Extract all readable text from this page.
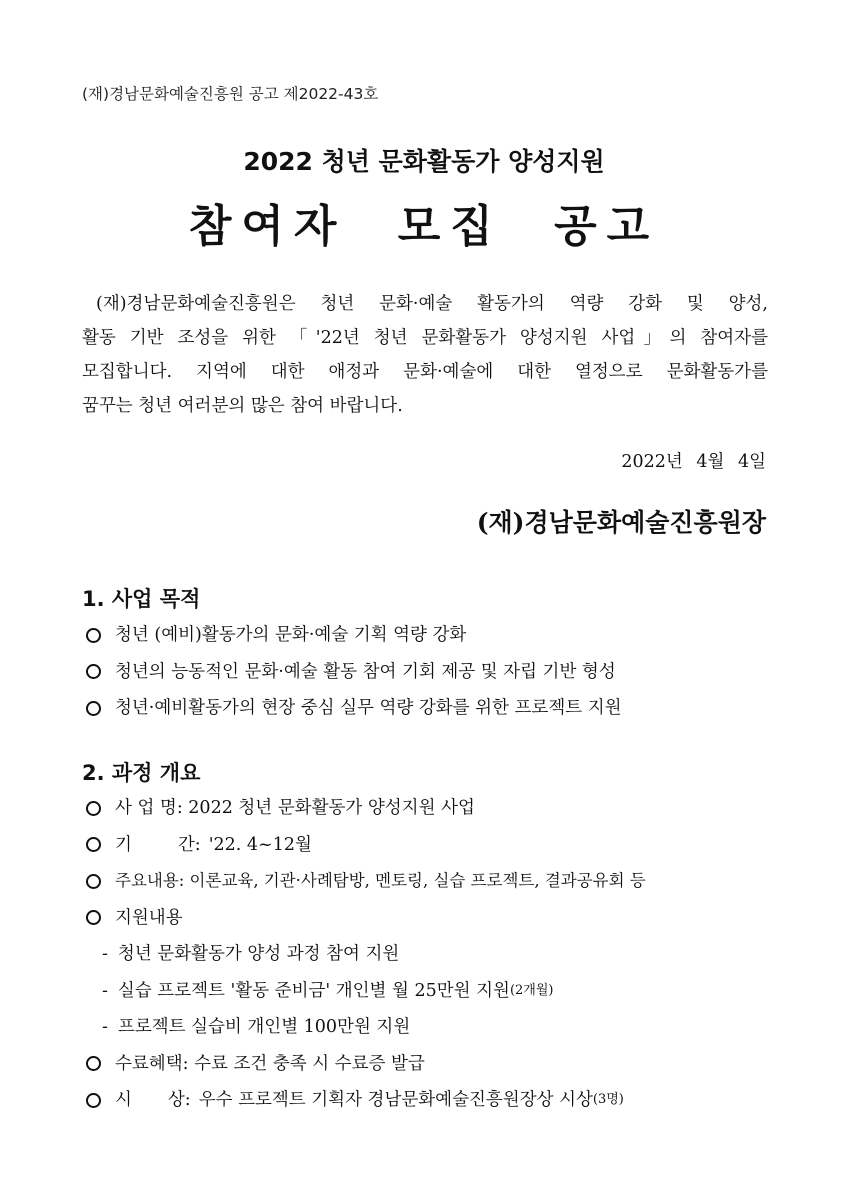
(재)경남문화예술진흥원 공고 제2022-43호
2022 청년 문화활동가 양성지원
참여자 모집 공고
(재)경남문화예술진흥원은 청년 문화·예술 활동가의 역량 강화 및 양성,
활동 기반 조성을 위한 「'22년 청년 문화활동가 양성지원 사업」의 참여자를
모집합니다. 지역에 대한 애정과 문화·예술에 대한 열정으로 문화활동가를
꿈꾸는 청년 여러분의 많은 참여 바랍니다.
2022년 4월 4일
(재)경남문화예술진흥원장
1. 사업 목적
청년 (예비)활동가의 문화·예술 기획 역량 강화
청년의 능동적인 문화·예술 활동 참여 기회 제공 및 자립 기반 형성
청년·예비활동가의 현장 중심 실무 역량 강화를 위한 프로젝트 지원
2. 과정 개요
사 업 명: 2022 청년 문화활동가 양성지원 사업
기	간: '22. 4~12월
주요내용: 이론교육, 기관·사례탐방, 멘토링, 실습 프로젝트, 결과공유회 등
지원내용
- 청년 문화활동가 양성 과정 참여 지원
- 실습 프로젝트 '활동 준비금' 개인별 월 25만원 지원 (2개월)
- 프로젝트 실습비 개인별 100만원 지원
수료혜택: 수료 조건 충족 시 수료증 발급
시 상: 우수 프로젝트 기획자 경남문화예술진흥원장상 시상 (3명)
